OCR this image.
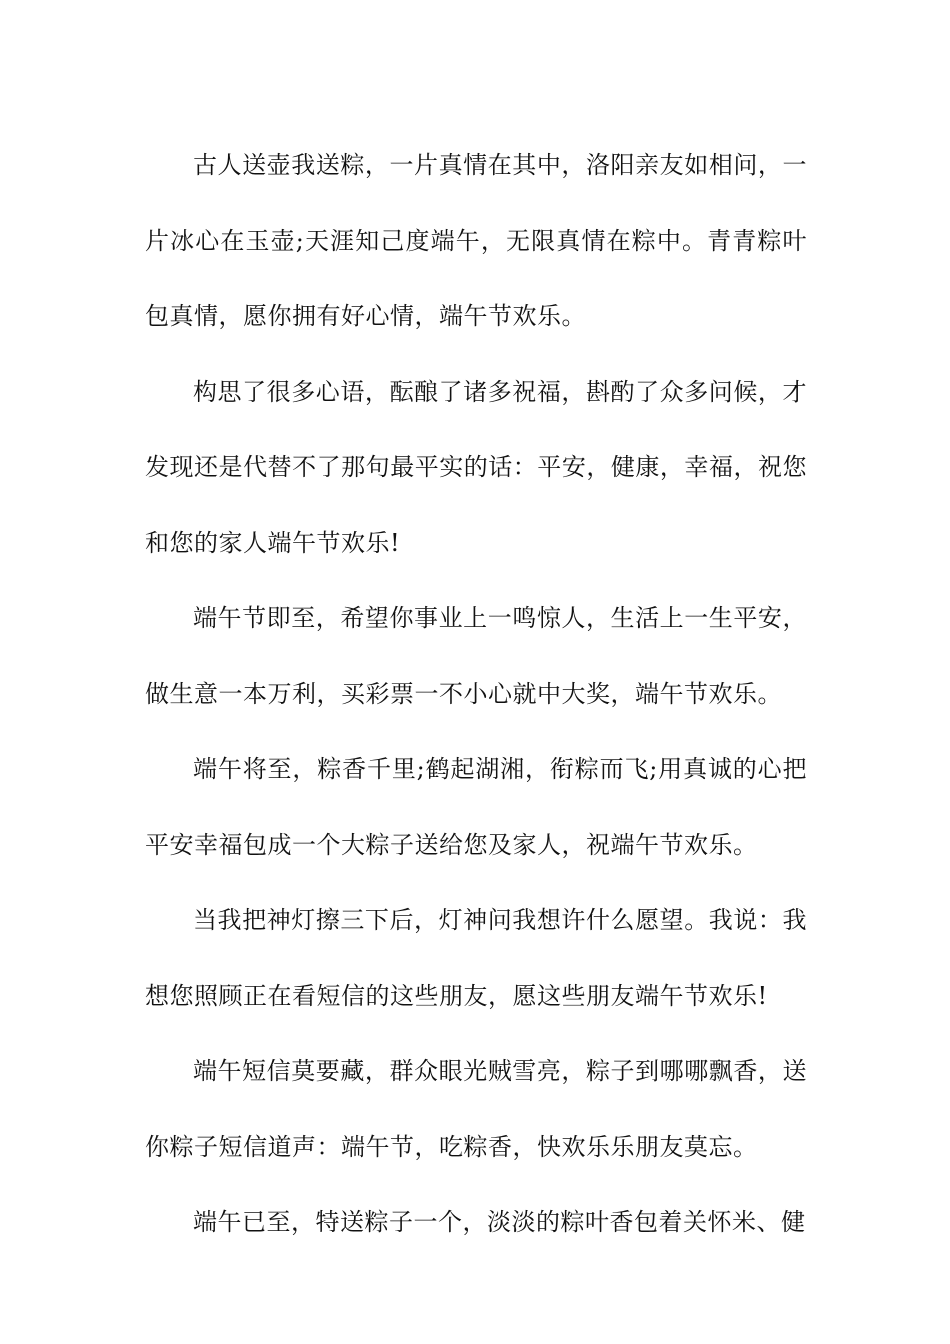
古人送壶我送粽，一片真情在其中，洛阳亲友如相问，一片冰心在玉壶;天涯知己度端午，无限真情在粽中。青青粽叶包真情，愿你拥有好心情，端午节欢乐。

构思了很多心语，酝酿了诸多祝福，斟酌了众多问候，才发现还是代替不了那句最平实的话：平安，健康，幸福，祝您和您的家人端午节欢乐!

端午节即至，希望你事业上一鸣惊人，生活上一生平安，做生意一本万利，买彩票一不小心就中大奖，端午节欢乐。

端午将至，粽香千里;鹤起湖湘，衔粽而飞;用真诚的心把平安幸福包成一个大粽子送给您及家人，祝端午节欢乐。

当我把神灯擦三下后，灯神问我想许什么愿望。我说：我想您照顾正在看短信的这些朋友，愿这些朋友端午节欢乐!

端午短信莫要藏，群众眼光贼雪亮，粽子到哪哪飘香，送你粽子短信道声：端午节，吃粽香，快欢乐乐朋友莫忘。

端午已至，特送粽子一个，淡淡的粽叶香包着关怀米、健
